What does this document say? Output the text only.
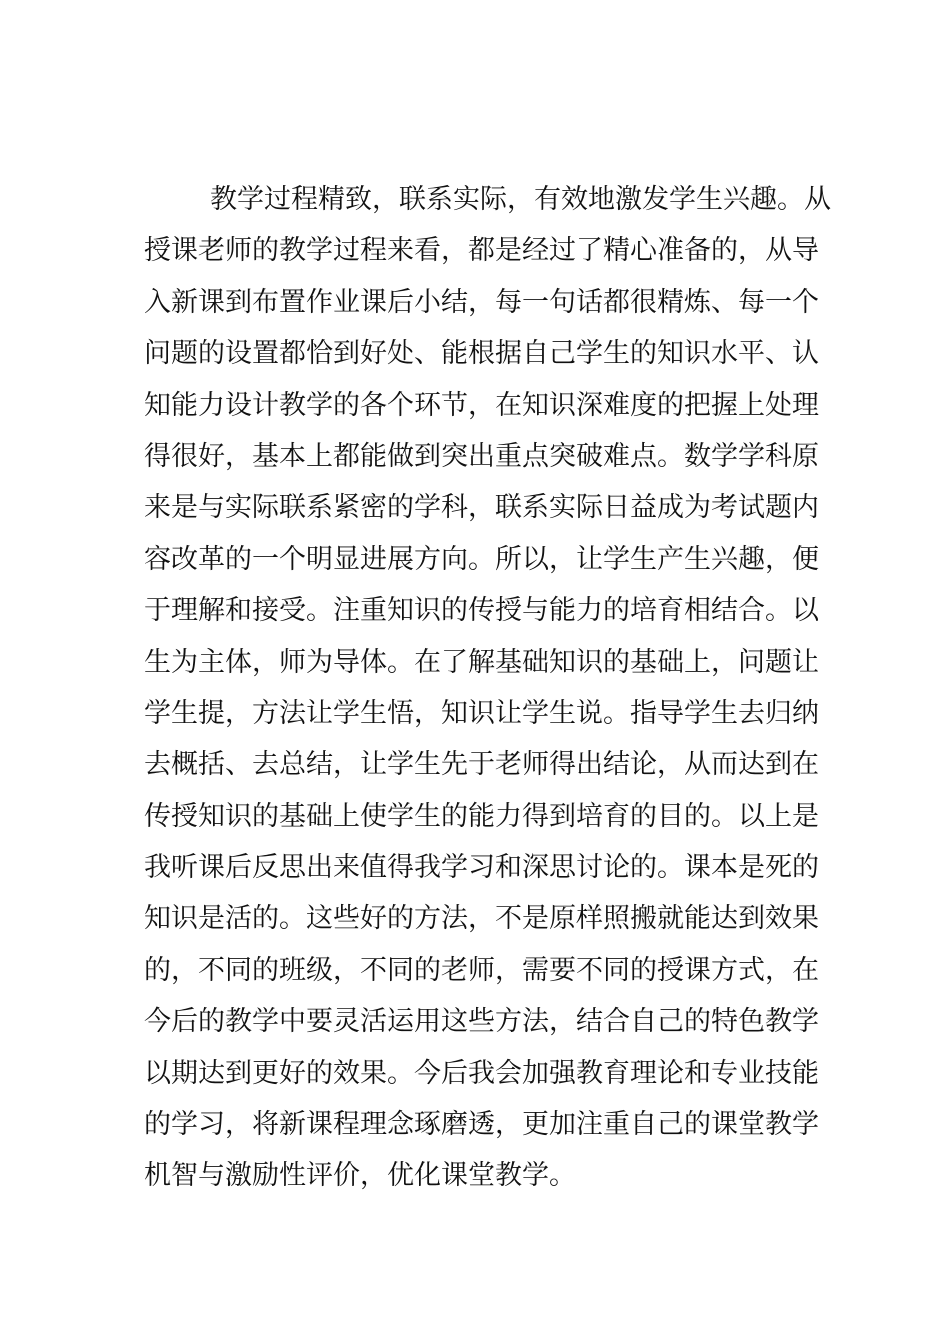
教学过程精致，联系实际，有效地激发学生兴趣。从
授课老师的教学过程来看，都是经过了精心准备的，从导
入新课到布置作业课后小结，每一句话都很精炼、每一个
问题的设置都恰到好处、能根据自己学生的知识水平、认
知能力设计教学的各个环节，在知识深难度的把握上处理
得很好，基本上都能做到突出重点突破难点。数学学科原
来是与实际联系紧密的学科，联系实际日益成为考试题内
容改革的一个明显进展方向。所以，让学生产生兴趣，便
于理解和接受。注重知识的传授与能力的培育相结合。以
生为主体，师为导体。在了解基础知识的基础上，问题让
学生提，方法让学生悟，知识让学生说。指导学生去归纳
去概括、去总结，让学生先于老师得出结论，从而达到在
传授知识的基础上使学生的能力得到培育的目的。以上是
我听课后反思出来值得我学习和深思讨论的。课本是死的
知识是活的。这些好的方法，不是原样照搬就能达到效果
的，不同的班级，不同的老师，需要不同的授课方式，在
今后的教学中要灵活运用这些方法，结合自己的特色教学
以期达到更好的效果。今后我会加强教育理论和专业技能
的学习，将新课程理念琢磨透，更加注重自己的课堂教学
机智与激励性评价，优化课堂教学。
